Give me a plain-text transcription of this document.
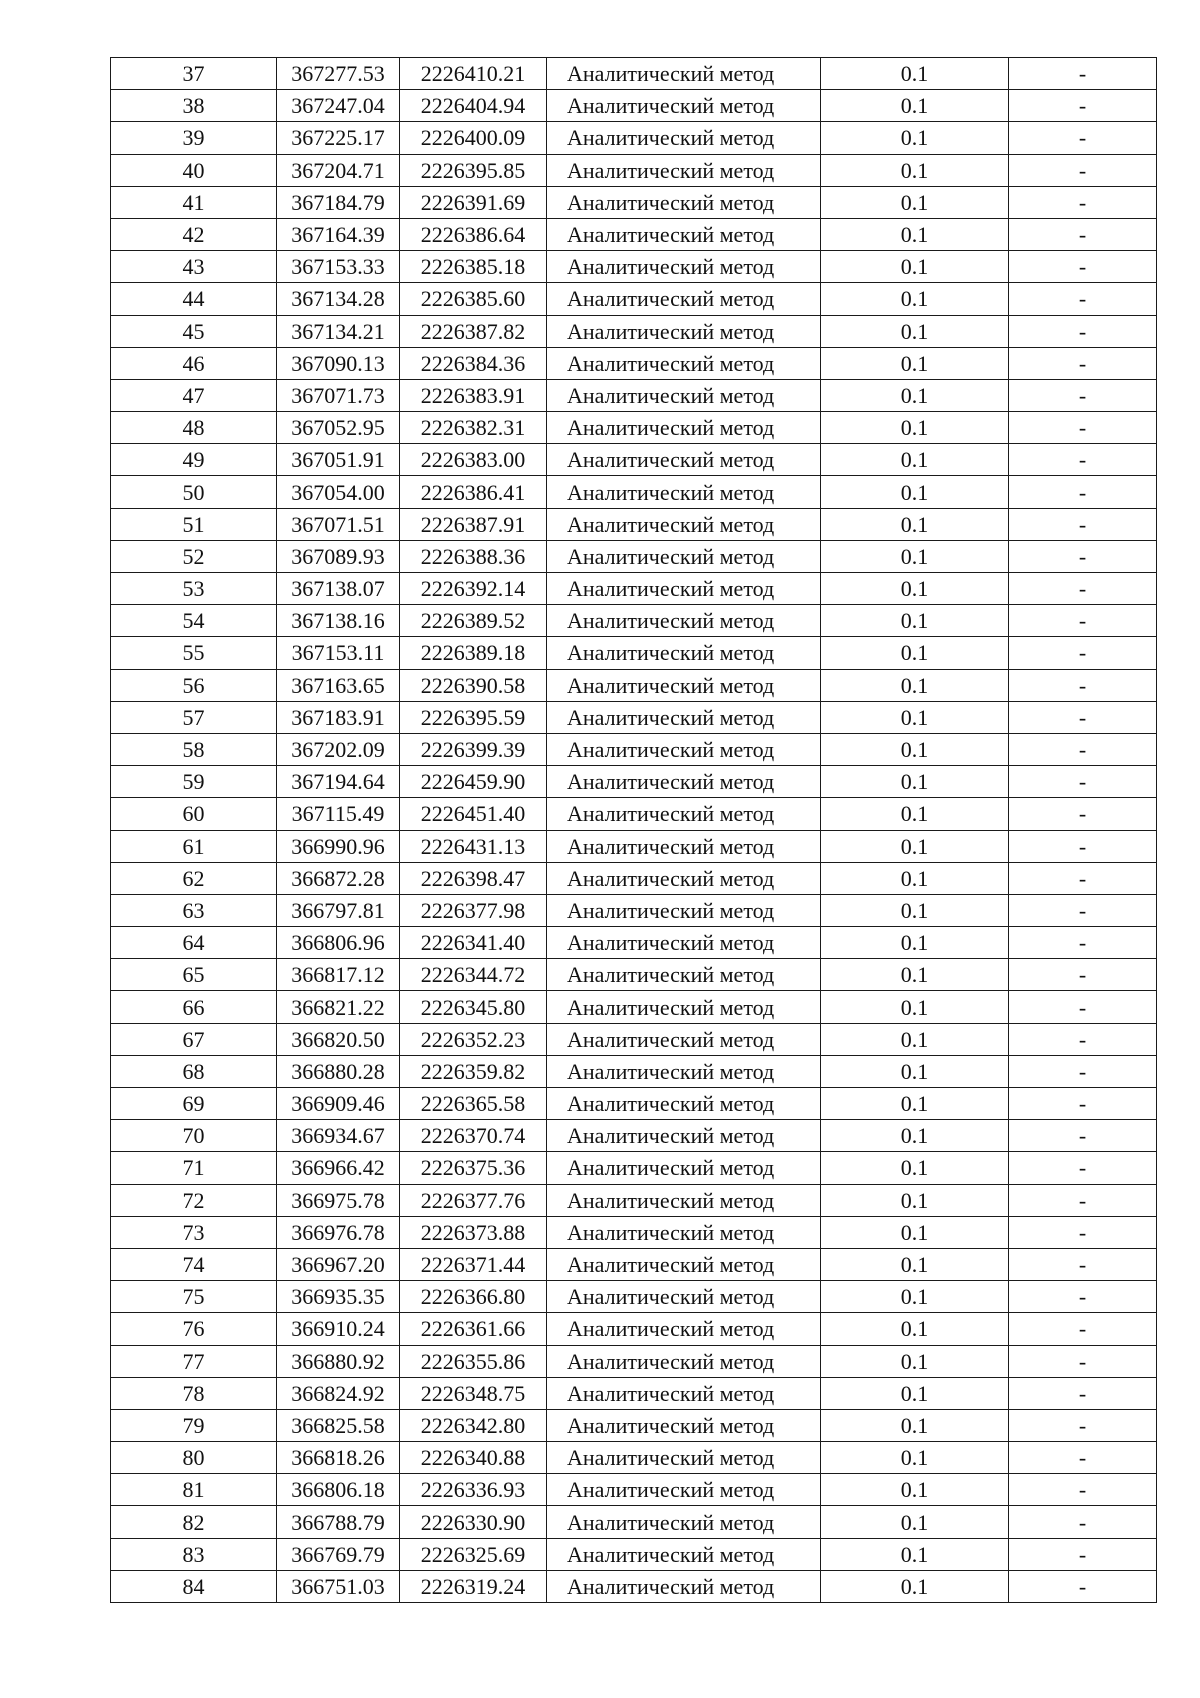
37	367277.53	2226410.21	Аналитический метод	0.1	-
38	367247.04	2226404.94	Аналитический метод	0.1	-
39	367225.17	2226400.09	Аналитический метод	0.1	-
40	367204.71	2226395.85	Аналитический метод	0.1	-
41	367184.79	2226391.69	Аналитический метод	0.1	-
42	367164.39	2226386.64	Аналитический метод	0.1	-
43	367153.33	2226385.18	Аналитический метод	0.1	-
44	367134.28	2226385.60	Аналитический метод	0.1	-
45	367134.21	2226387.82	Аналитический метод	0.1	-
46	367090.13	2226384.36	Аналитический метод	0.1	-
47	367071.73	2226383.91	Аналитический метод	0.1	-
48	367052.95	2226382.31	Аналитический метод	0.1	-
49	367051.91	2226383.00	Аналитический метод	0.1	-
50	367054.00	2226386.41	Аналитический метод	0.1	-
51	367071.51	2226387.91	Аналитический метод	0.1	-
52	367089.93	2226388.36	Аналитический метод	0.1	-
53	367138.07	2226392.14	Аналитический метод	0.1	-
54	367138.16	2226389.52	Аналитический метод	0.1	-
55	367153.11	2226389.18	Аналитический метод	0.1	-
56	367163.65	2226390.58	Аналитический метод	0.1	-
57	367183.91	2226395.59	Аналитический метод	0.1	-
58	367202.09	2226399.39	Аналитический метод	0.1	-
59	367194.64	2226459.90	Аналитический метод	0.1	-
60	367115.49	2226451.40	Аналитический метод	0.1	-
61	366990.96	2226431.13	Аналитический метод	0.1	-
62	366872.28	2226398.47	Аналитический метод	0.1	-
63	366797.81	2226377.98	Аналитический метод	0.1	-
64	366806.96	2226341.40	Аналитический метод	0.1	-
65	366817.12	2226344.72	Аналитический метод	0.1	-
66	366821.22	2226345.80	Аналитический метод	0.1	-
67	366820.50	2226352.23	Аналитический метод	0.1	-
68	366880.28	2226359.82	Аналитический метод	0.1	-
69	366909.46	2226365.58	Аналитический метод	0.1	-
70	366934.67	2226370.74	Аналитический метод	0.1	-
71	366966.42	2226375.36	Аналитический метод	0.1	-
72	366975.78	2226377.76	Аналитический метод	0.1	-
73	366976.78	2226373.88	Аналитический метод	0.1	-
74	366967.20	2226371.44	Аналитический метод	0.1	-
75	366935.35	2226366.80	Аналитический метод	0.1	-
76	366910.24	2226361.66	Аналитический метод	0.1	-
77	366880.92	2226355.86	Аналитический метод	0.1	-
78	366824.92	2226348.75	Аналитический метод	0.1	-
79	366825.58	2226342.80	Аналитический метод	0.1	-
80	366818.26	2226340.88	Аналитический метод	0.1	-
81	366806.18	2226336.93	Аналитический метод	0.1	-
82	366788.79	2226330.90	Аналитический метод	0.1	-
83	366769.79	2226325.69	Аналитический метод	0.1	-
84	366751.03	2226319.24	Аналитический метод	0.1	-
